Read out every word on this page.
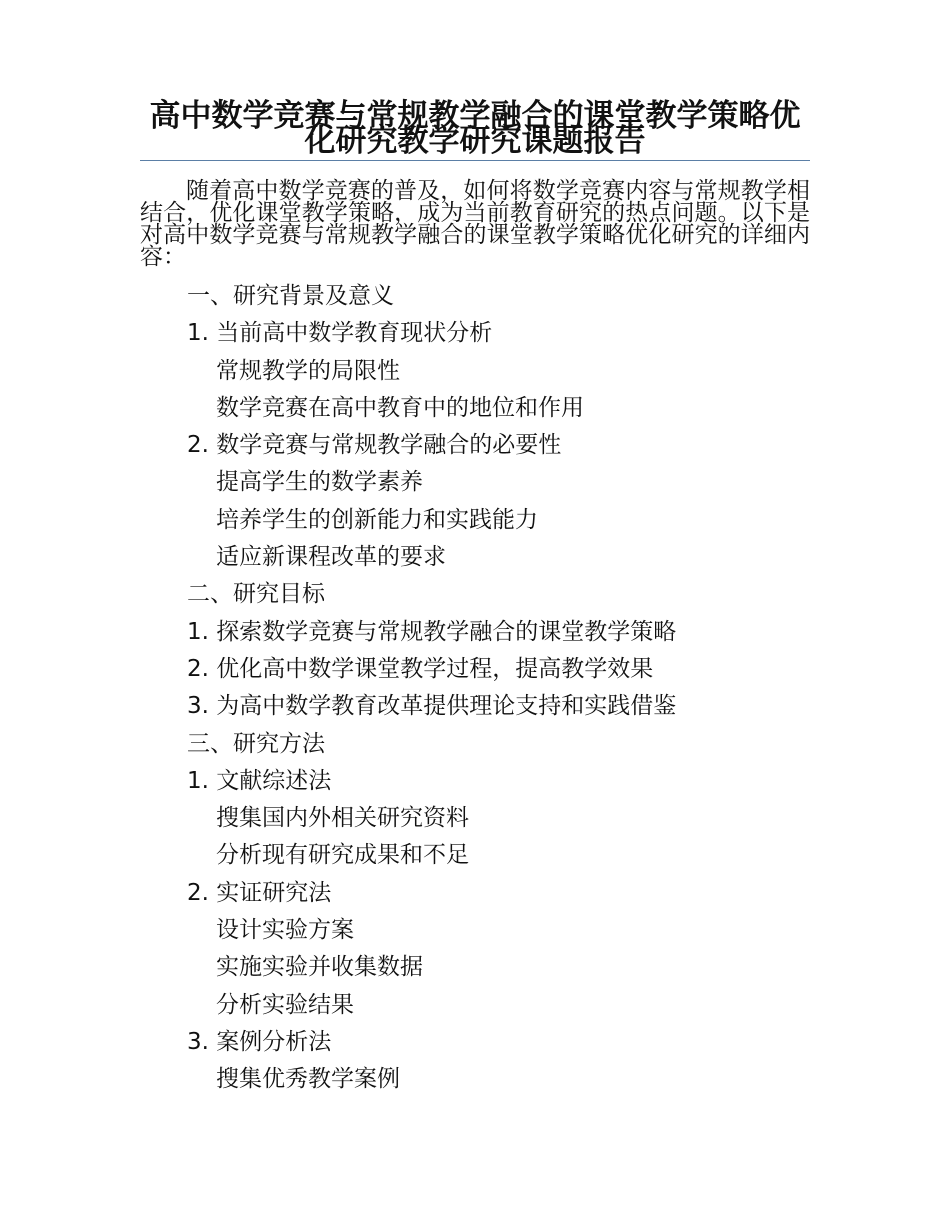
高中数学竞赛与常规教学融合的课堂教学策略优化研究教学研究课题报告
随着高中数学竞赛的普及，如何将数学竞赛内容与常规教学相结合，优化课堂教学策略，成为当前教育研究的热点问题。以下是对高中数学竞赛与常规教学融合的课堂教学策略优化研究的详细内容：
一、研究背景及意义
1. 当前高中数学教育现状分析
常规教学的局限性
数学竞赛在高中教育中的地位和作用
2. 数学竞赛与常规教学融合的必要性
提高学生的数学素养
培养学生的创新能力和实践能力
适应新课程改革的要求
二、研究目标
1. 探索数学竞赛与常规教学融合的课堂教学策略
2. 优化高中数学课堂教学过程，提高教学效果
3. 为高中数学教育改革提供理论支持和实践借鉴
三、研究方法
1. 文献综述法
搜集国内外相关研究资料
分析现有研究成果和不足
2. 实证研究法
设计实验方案
实施实验并收集数据
分析实验结果
3. 案例分析法
搜集优秀教学案例
